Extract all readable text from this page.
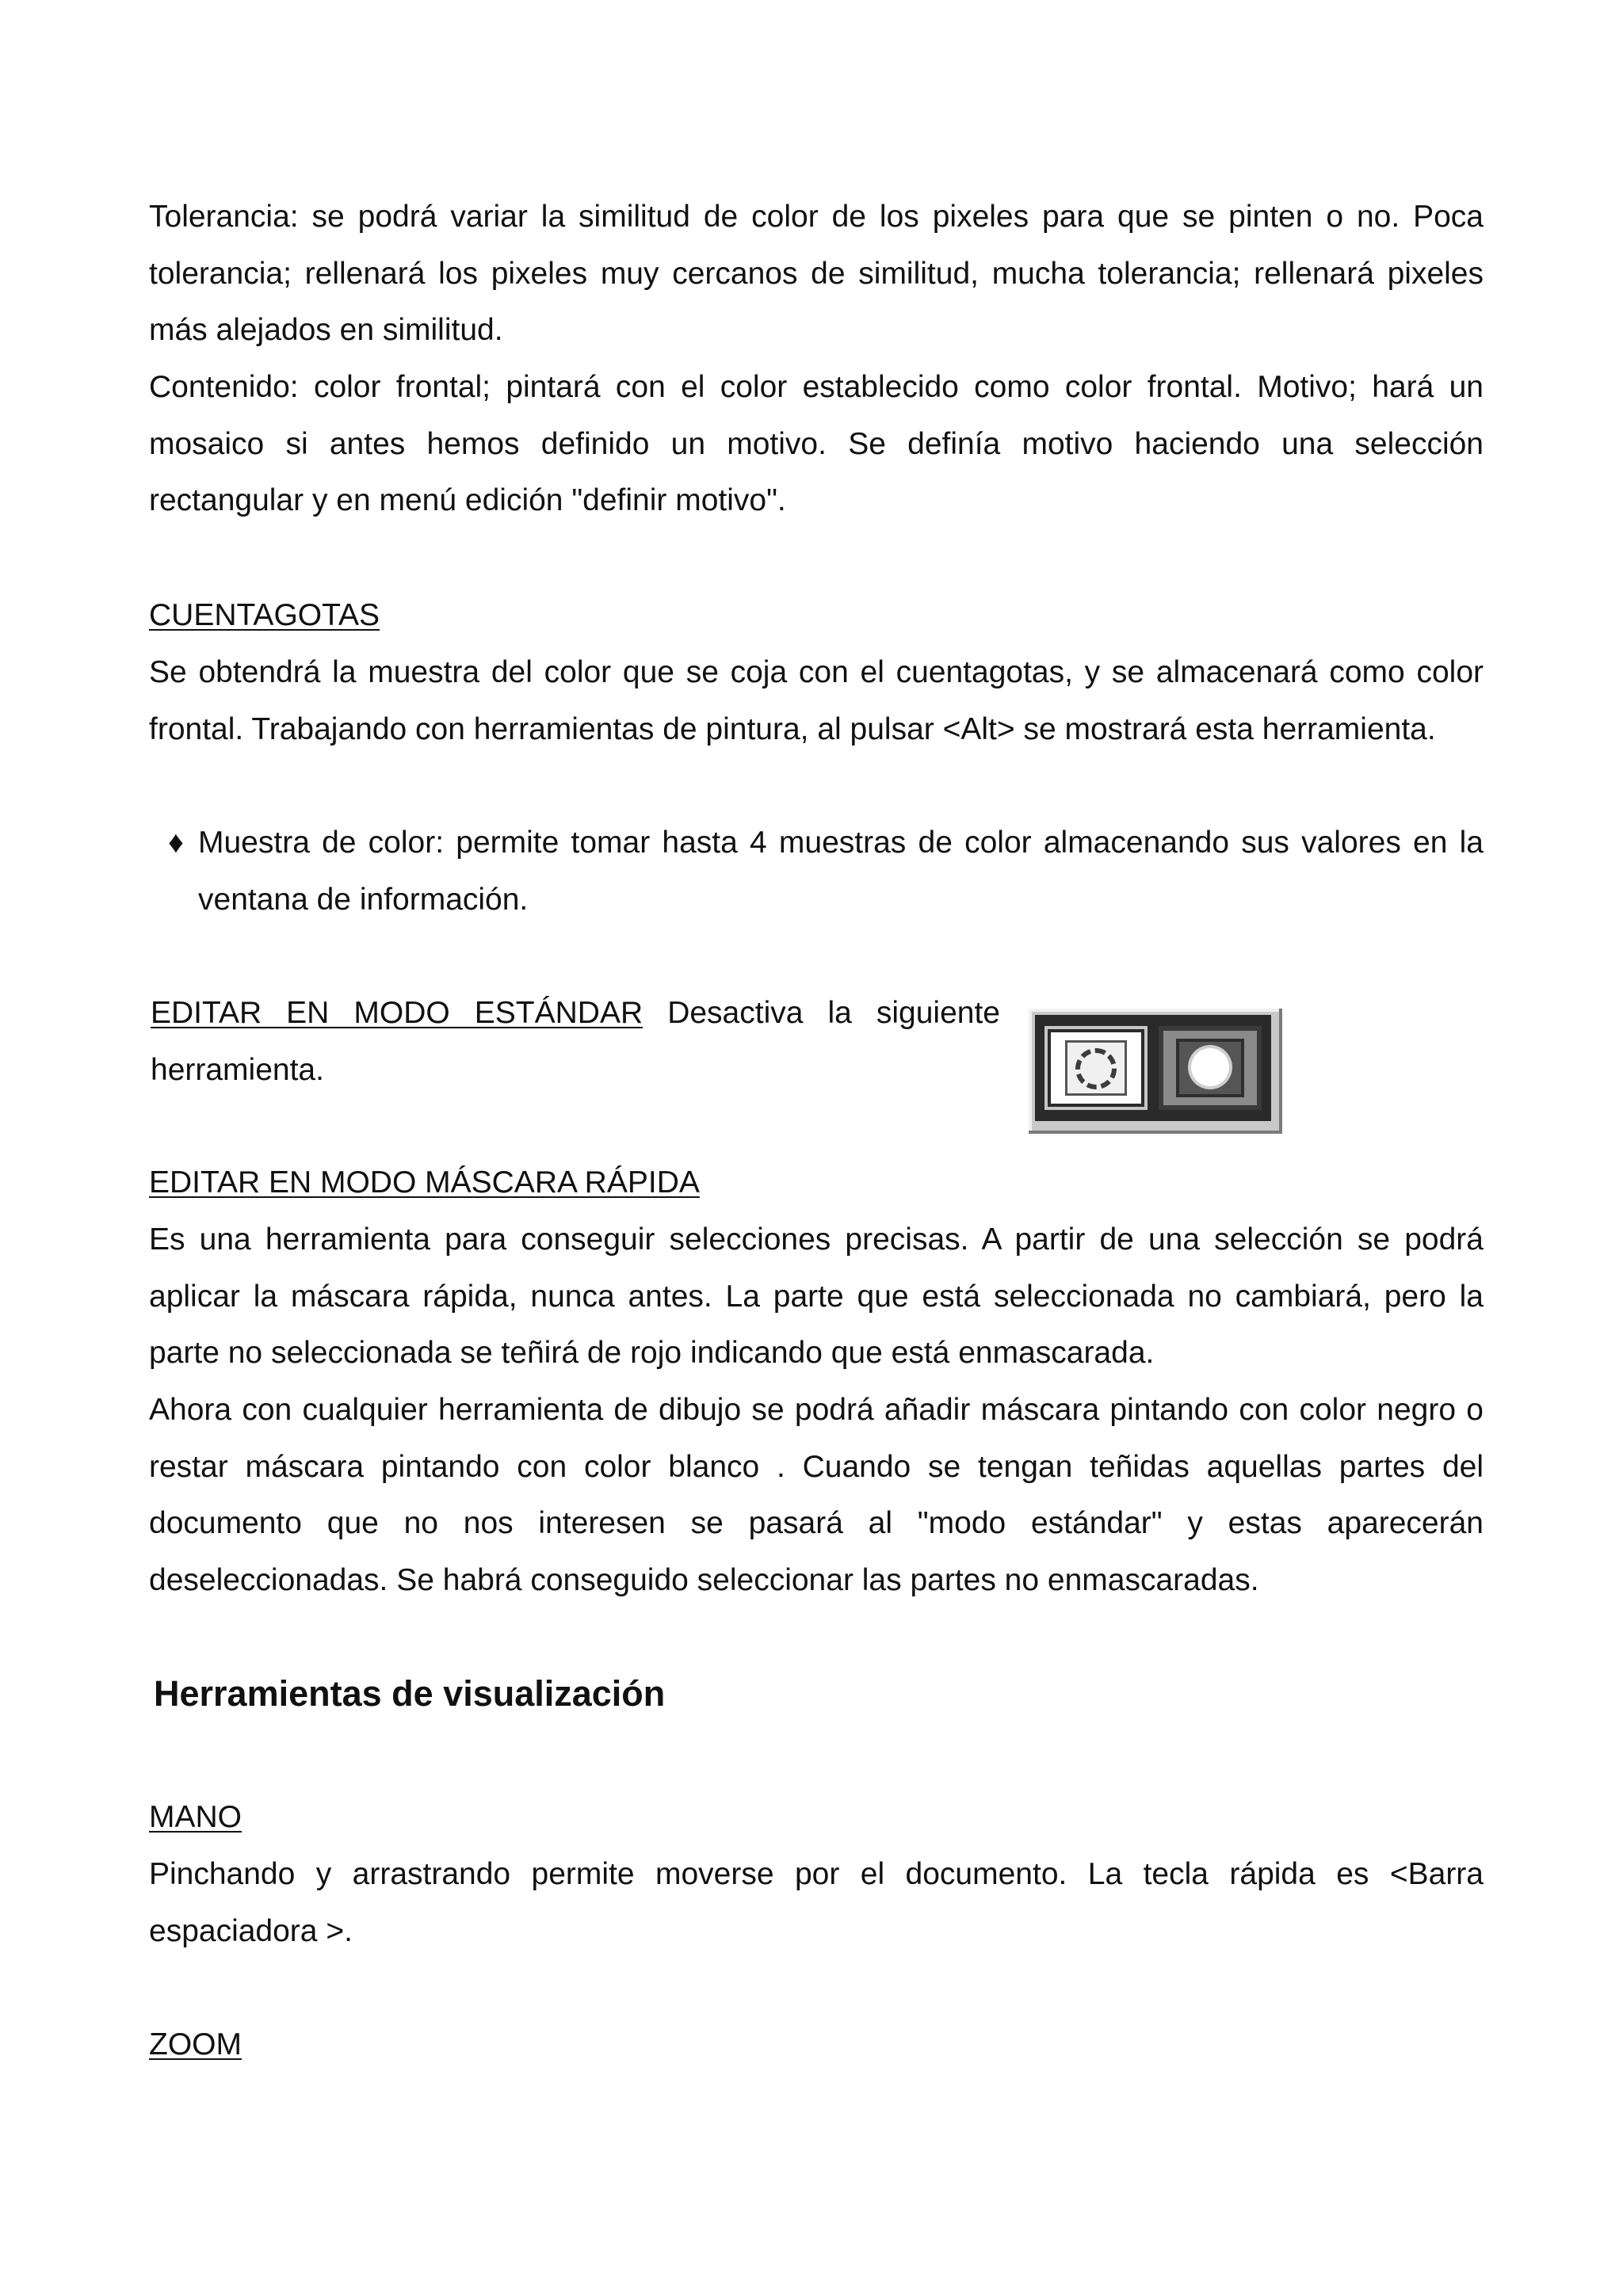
Tolerancia: se podrá variar la similitud de color de los pixeles para que se pinten o no. Poca tolerancia; rellenará los pixeles muy cercanos de similitud, mucha tolerancia; rellenará pixeles más alejados en similitud.

Contenido: color frontal; pintará con el color establecido como color frontal. Motivo; hará un mosaico si antes hemos definido un motivo. Se definía motivo haciendo una selección rectangular y en menú edición "definir motivo".

CUENTAGOTAS

Se obtendrá la muestra del color que se coja con el cuentagotas, y se almacenará como color frontal. Trabajando con herramientas de pintura, al pulsar <Alt> se mostrará esta herramienta.

♦ Muestra de color: permite tomar hasta 4 muestras de color almacenando sus valores en la ventana de información.

EDITAR EN MODO ESTÁNDAR Desactiva la siguiente
herramienta.
EDITAR EN MODO MÁSCARA RÁPIDA

Es una herramienta para conseguir selecciones precisas. A partir de una selección se podrá aplicar la máscara rápida, nunca antes. La parte que está seleccionada no cambiará, pero la parte no seleccionada se teñirá de rojo indicando que está enmascarada.

Ahora con cualquier herramienta de dibujo se podrá añadir máscara pintando con color negro o restar máscara pintando con color blanco . Cuando se tengan teñidas aquellas partes del documento que no nos interesen se pasará al "modo estándar" y estas aparecerán deseleccionadas. Se habrá conseguido seleccionar las partes no enmascaradas.

Herramientas de visualización
MANO

Pinchando y arrastrando permite moverse por el documento. La tecla rápida es <Barra espaciadora >.

ZOOM
